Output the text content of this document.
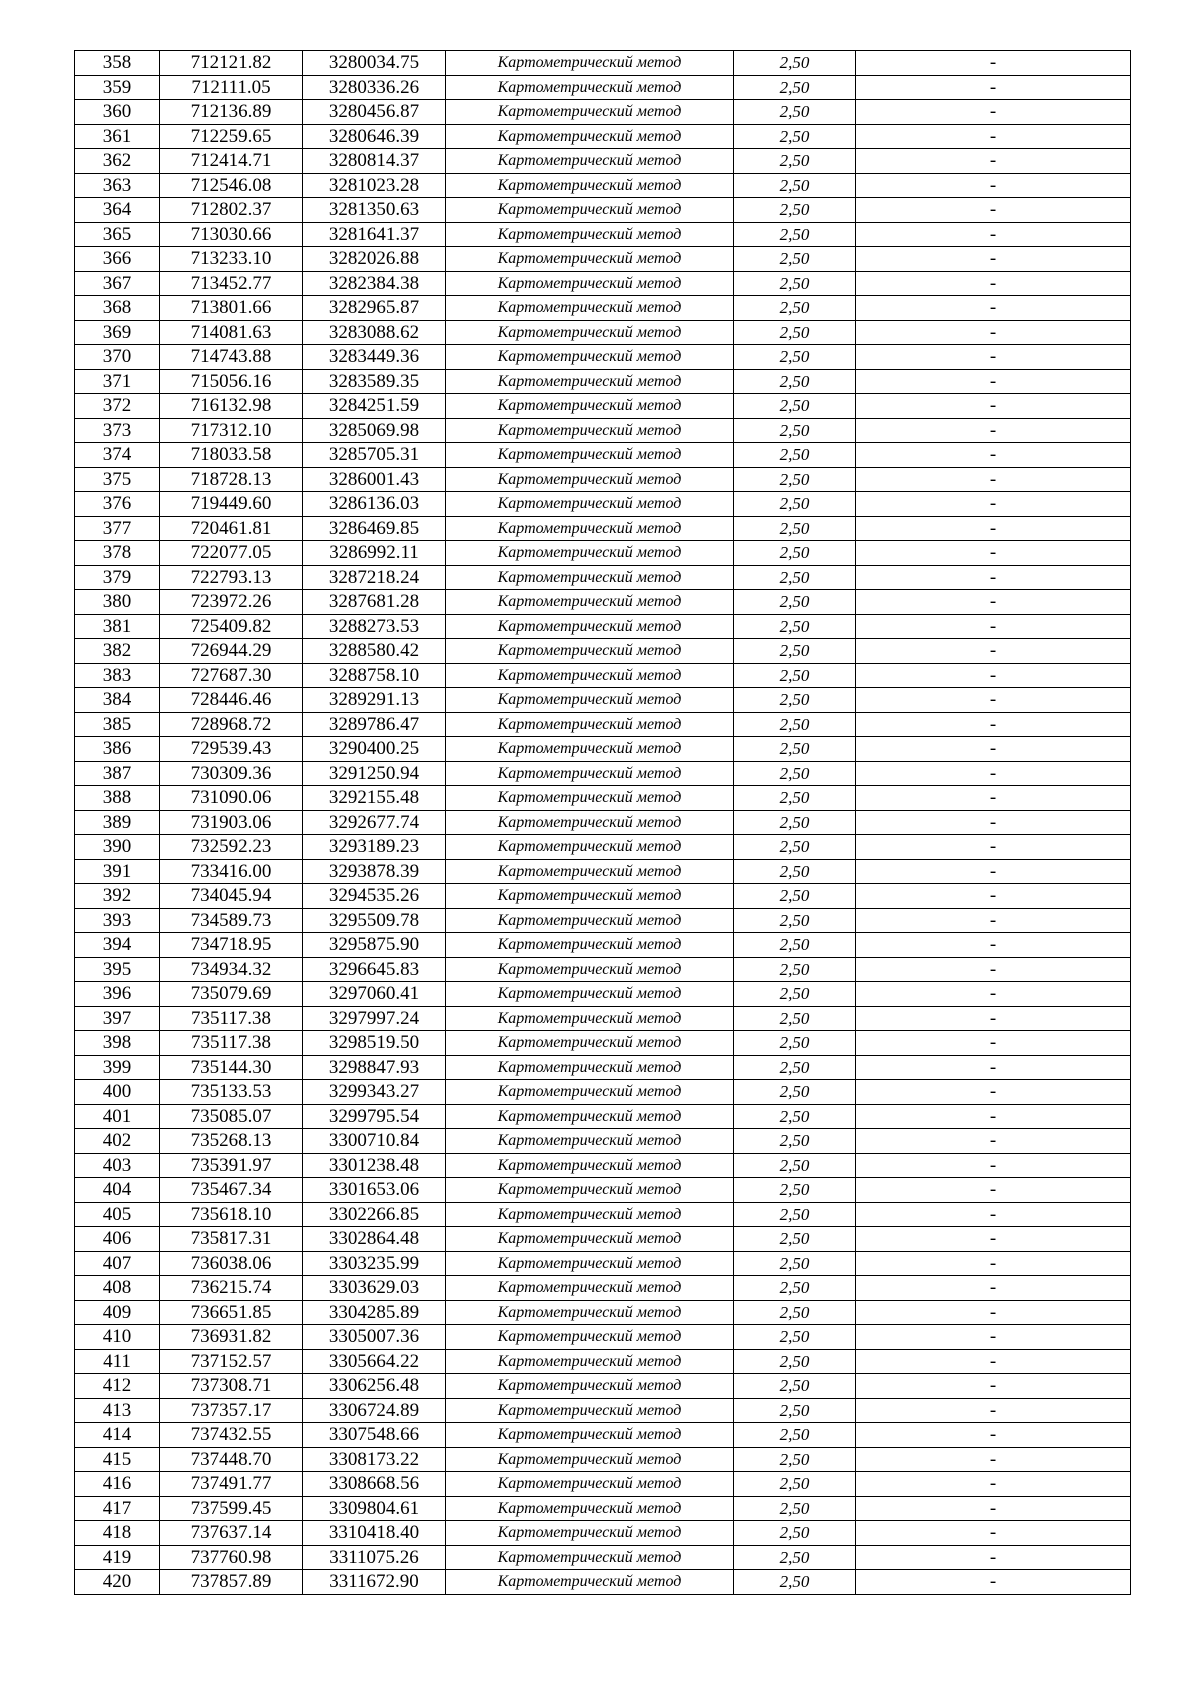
358	712121.82	3280034.75	Картометрический метод	2,50	-
359	712111.05	3280336.26	Картометрический метод	2,50	-
360	712136.89	3280456.87	Картометрический метод	2,50	-
361	712259.65	3280646.39	Картометрический метод	2,50	-
362	712414.71	3280814.37	Картометрический метод	2,50	-
363	712546.08	3281023.28	Картометрический метод	2,50	-
364	712802.37	3281350.63	Картометрический метод	2,50	-
365	713030.66	3281641.37	Картометрический метод	2,50	-
366	713233.10	3282026.88	Картометрический метод	2,50	-
367	713452.77	3282384.38	Картометрический метод	2,50	-
368	713801.66	3282965.87	Картометрический метод	2,50	-
369	714081.63	3283088.62	Картометрический метод	2,50	-
370	714743.88	3283449.36	Картометрический метод	2,50	-
371	715056.16	3283589.35	Картометрический метод	2,50	-
372	716132.98	3284251.59	Картометрический метод	2,50	-
373	717312.10	3285069.98	Картометрический метод	2,50	-
374	718033.58	3285705.31	Картометрический метод	2,50	-
375	718728.13	3286001.43	Картометрический метод	2,50	-
376	719449.60	3286136.03	Картометрический метод	2,50	-
377	720461.81	3286469.85	Картометрический метод	2,50	-
378	722077.05	3286992.11	Картометрический метод	2,50	-
379	722793.13	3287218.24	Картометрический метод	2,50	-
380	723972.26	3287681.28	Картометрический метод	2,50	-
381	725409.82	3288273.53	Картометрический метод	2,50	-
382	726944.29	3288580.42	Картометрический метод	2,50	-
383	727687.30	3288758.10	Картометрический метод	2,50	-
384	728446.46	3289291.13	Картометрический метод	2,50	-
385	728968.72	3289786.47	Картометрический метод	2,50	-
386	729539.43	3290400.25	Картометрический метод	2,50	-
387	730309.36	3291250.94	Картометрический метод	2,50	-
388	731090.06	3292155.48	Картометрический метод	2,50	-
389	731903.06	3292677.74	Картометрический метод	2,50	-
390	732592.23	3293189.23	Картометрический метод	2,50	-
391	733416.00	3293878.39	Картометрический метод	2,50	-
392	734045.94	3294535.26	Картометрический метод	2,50	-
393	734589.73	3295509.78	Картометрический метод	2,50	-
394	734718.95	3295875.90	Картометрический метод	2,50	-
395	734934.32	3296645.83	Картометрический метод	2,50	-
396	735079.69	3297060.41	Картометрический метод	2,50	-
397	735117.38	3297997.24	Картометрический метод	2,50	-
398	735117.38	3298519.50	Картометрический метод	2,50	-
399	735144.30	3298847.93	Картометрический метод	2,50	-
400	735133.53	3299343.27	Картометрический метод	2,50	-
401	735085.07	3299795.54	Картометрический метод	2,50	-
402	735268.13	3300710.84	Картометрический метод	2,50	-
403	735391.97	3301238.48	Картометрический метод	2,50	-
404	735467.34	3301653.06	Картометрический метод	2,50	-
405	735618.10	3302266.85	Картометрический метод	2,50	-
406	735817.31	3302864.48	Картометрический метод	2,50	-
407	736038.06	3303235.99	Картометрический метод	2,50	-
408	736215.74	3303629.03	Картометрический метод	2,50	-
409	736651.85	3304285.89	Картометрический метод	2,50	-
410	736931.82	3305007.36	Картометрический метод	2,50	-
411	737152.57	3305664.22	Картометрический метод	2,50	-
412	737308.71	3306256.48	Картометрический метод	2,50	-
413	737357.17	3306724.89	Картометрический метод	2,50	-
414	737432.55	3307548.66	Картометрический метод	2,50	-
415	737448.70	3308173.22	Картометрический метод	2,50	-
416	737491.77	3308668.56	Картометрический метод	2,50	-
417	737599.45	3309804.61	Картометрический метод	2,50	-
418	737637.14	3310418.40	Картометрический метод	2,50	-
419	737760.98	3311075.26	Картометрический метод	2,50	-
420	737857.89	3311672.90	Картометрический метод	2,50	-
